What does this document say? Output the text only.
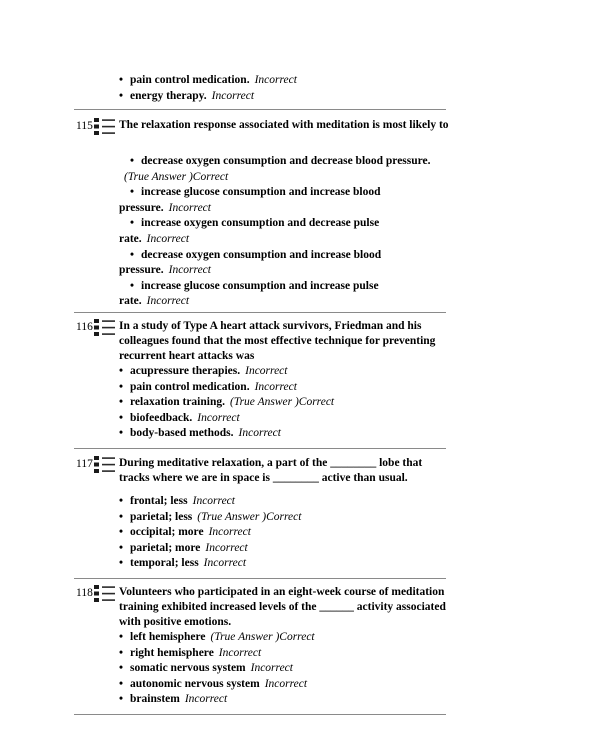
• pain control medication. Incorrect
• energy therapy. Incorrect
115 The relaxation response associated with meditation is most likely to
• decrease oxygen consumption and decrease blood pressure.(True Answer )Correct
• increase glucose consumption and increase blood pressure. Incorrect
• increase oxygen consumption and decrease pulse rate. Incorrect
• decrease oxygen consumption and increase blood pressure. Incorrect
• increase glucose consumption and increase pulse rate. Incorrect
116 In a study of Type A heart attack survivors, Friedman and his colleagues found that the most effective technique for preventing recurrent heart attacks was
• acupressure therapies. Incorrect
• pain control medication. Incorrect
• relaxation training. (True Answer )Correct
• biofeedback. Incorrect
• body-based methods. Incorrect
117 During meditative relaxation, a part of the ________ lobe that tracks where we are in space is ________ active than usual.
• frontal; less Incorrect
• parietal; less (True Answer )Correct
• occipital; more Incorrect
• parietal; more Incorrect
• temporal; less Incorrect
118 Volunteers who participated in an eight-week course of meditation training exhibited increased levels of the ______ activity associated with positive emotions.
• left hemisphere (True Answer )Correct
• right hemisphere Incorrect
• somatic nervous system Incorrect
• autonomic nervous system Incorrect
• brainstem Incorrect
